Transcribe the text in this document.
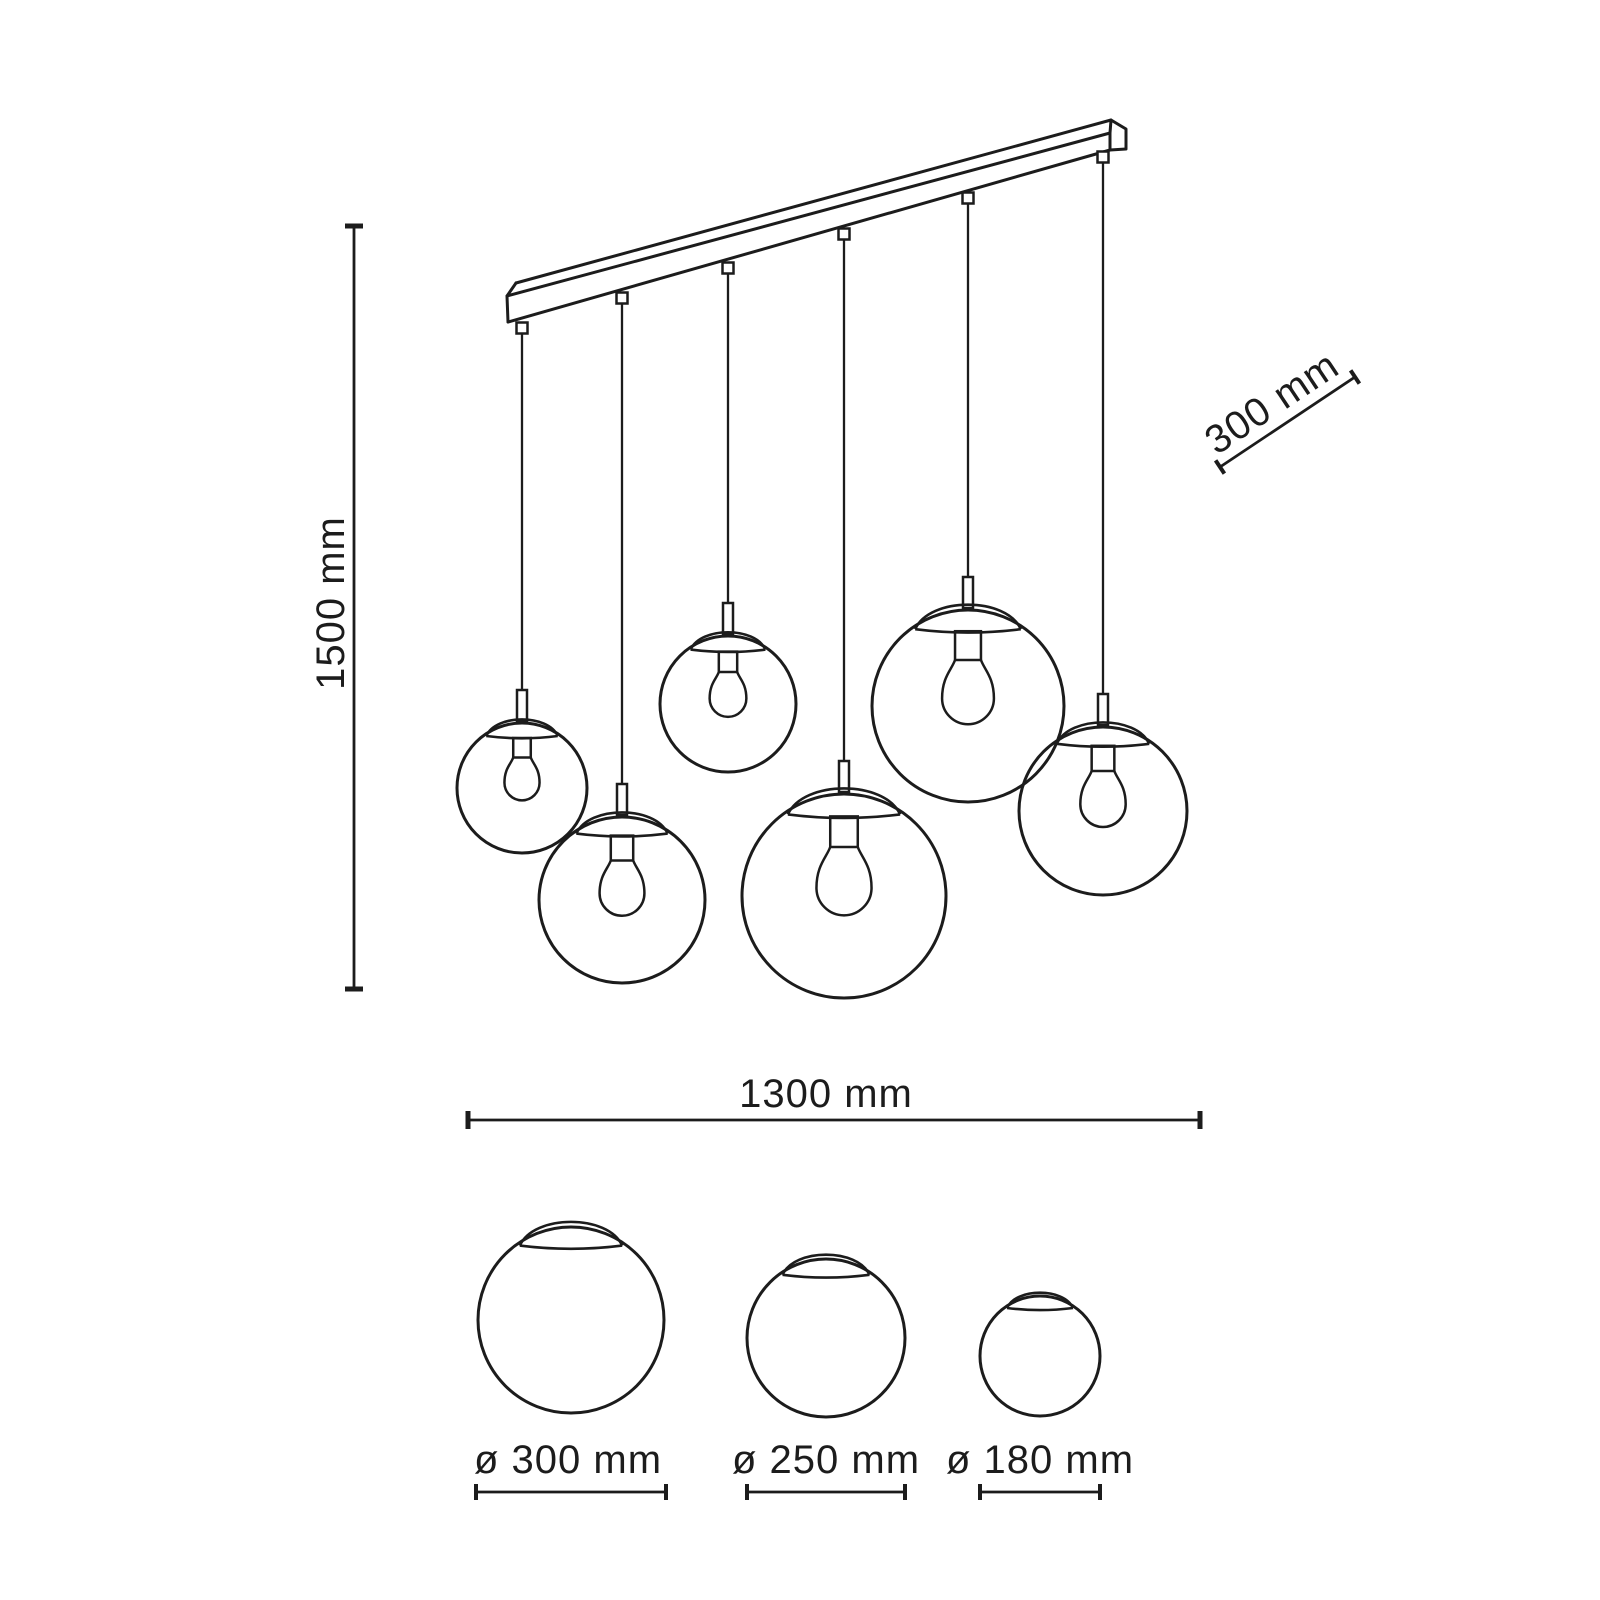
1500 mm
300 mm
1300 mm
ø 300 mm ø 250 mm ø 180 mm
